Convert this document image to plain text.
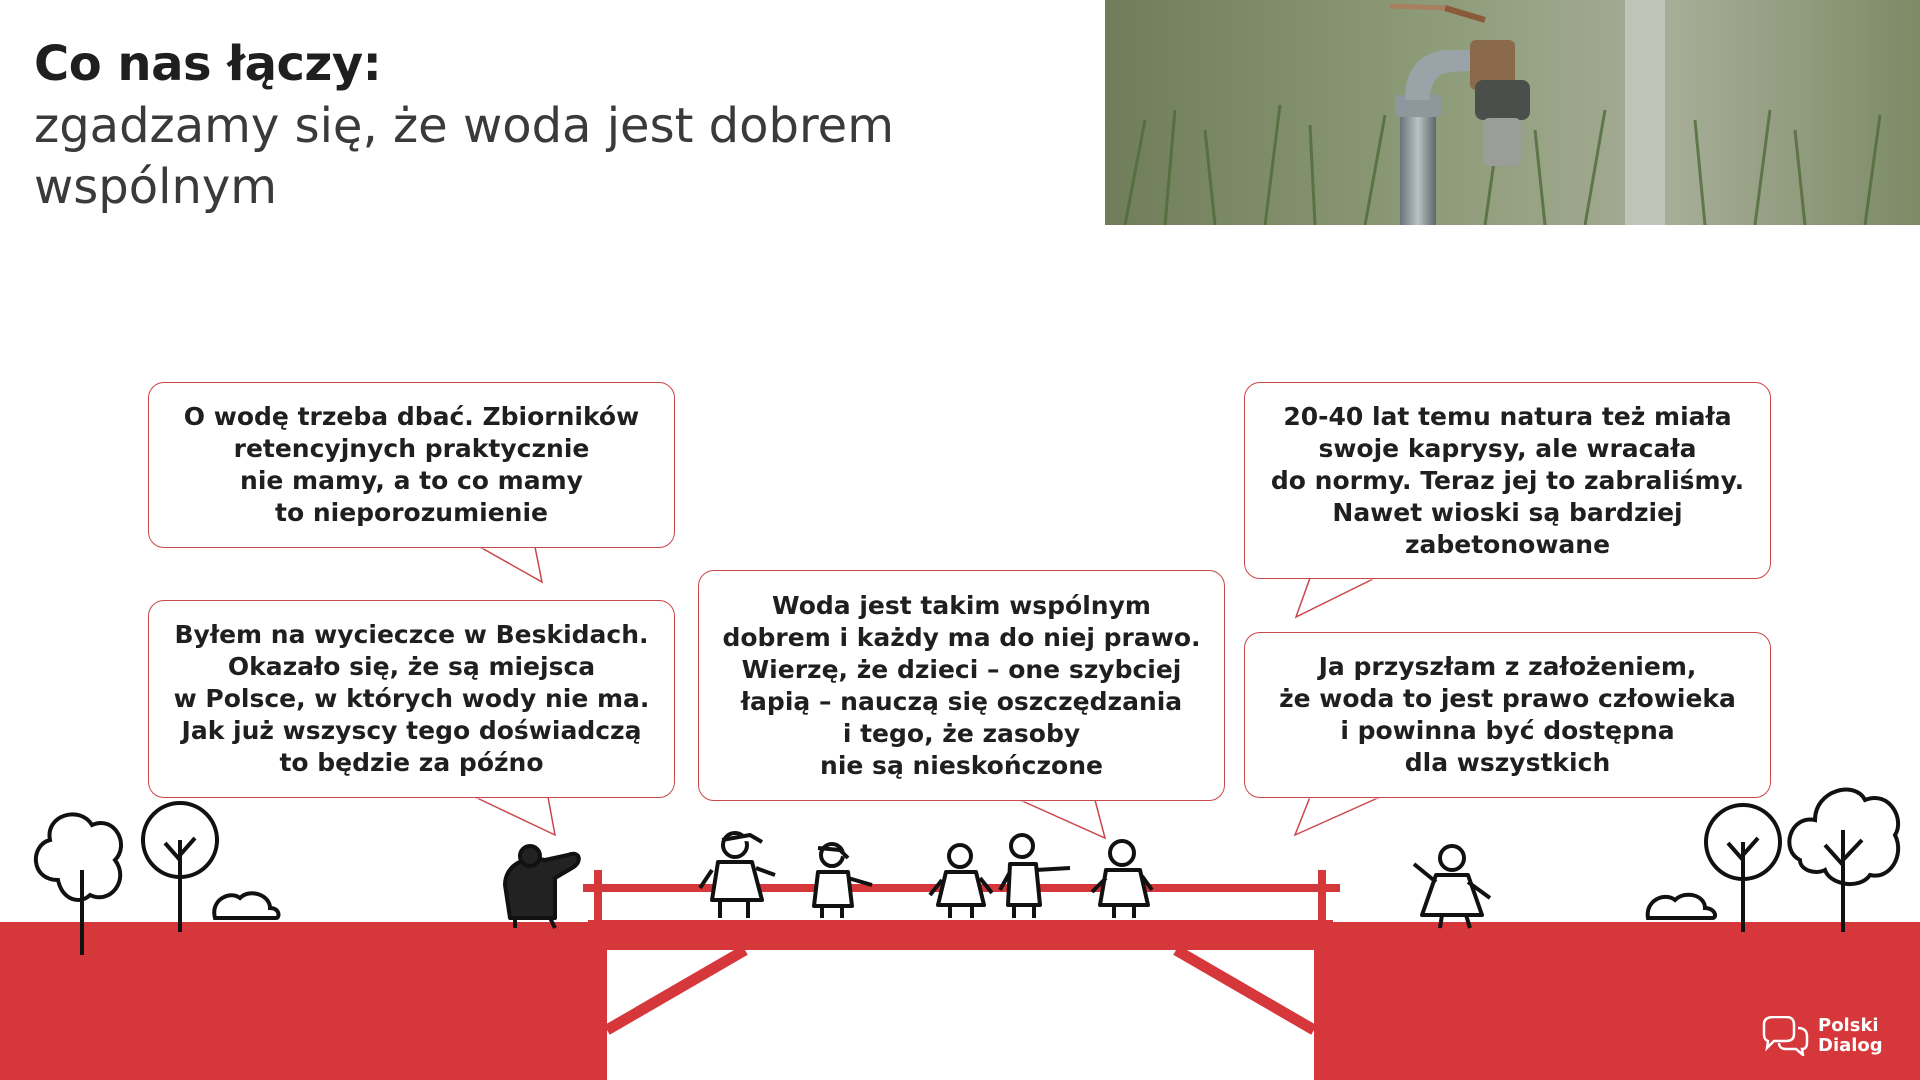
Co nas łączy:
zgadzamy się, że woda jest dobrem wspólnym
O wodę trzeba dbać. Zbiorników
retencyjnych praktycznie
nie mamy, a to co mamy
to nieporozumienie
Byłem na wycieczce w Beskidach.
Okazało się, że są miejsca
w Polsce, w których wody nie ma.
Jak już wszyscy tego doświadczą
to będzie za późno
Woda jest takim wspólnym
dobrem i każdy ma do niej prawo.
Wierzę, że dzieci – one szybciej
łapią – nauczą się oszczędzania
i tego, że zasoby
nie są nieskończone
20-40 lat temu natura też miała
swoje kaprysy, ale wracała
do normy. Teraz jej to zabraliśmy.
Nawet wioski są bardziej
zabetonowane
Ja przyszłam z założeniem,
że woda to jest prawo człowieka
i powinna być dostępna
dla wszystkich
Polski
Dialog
